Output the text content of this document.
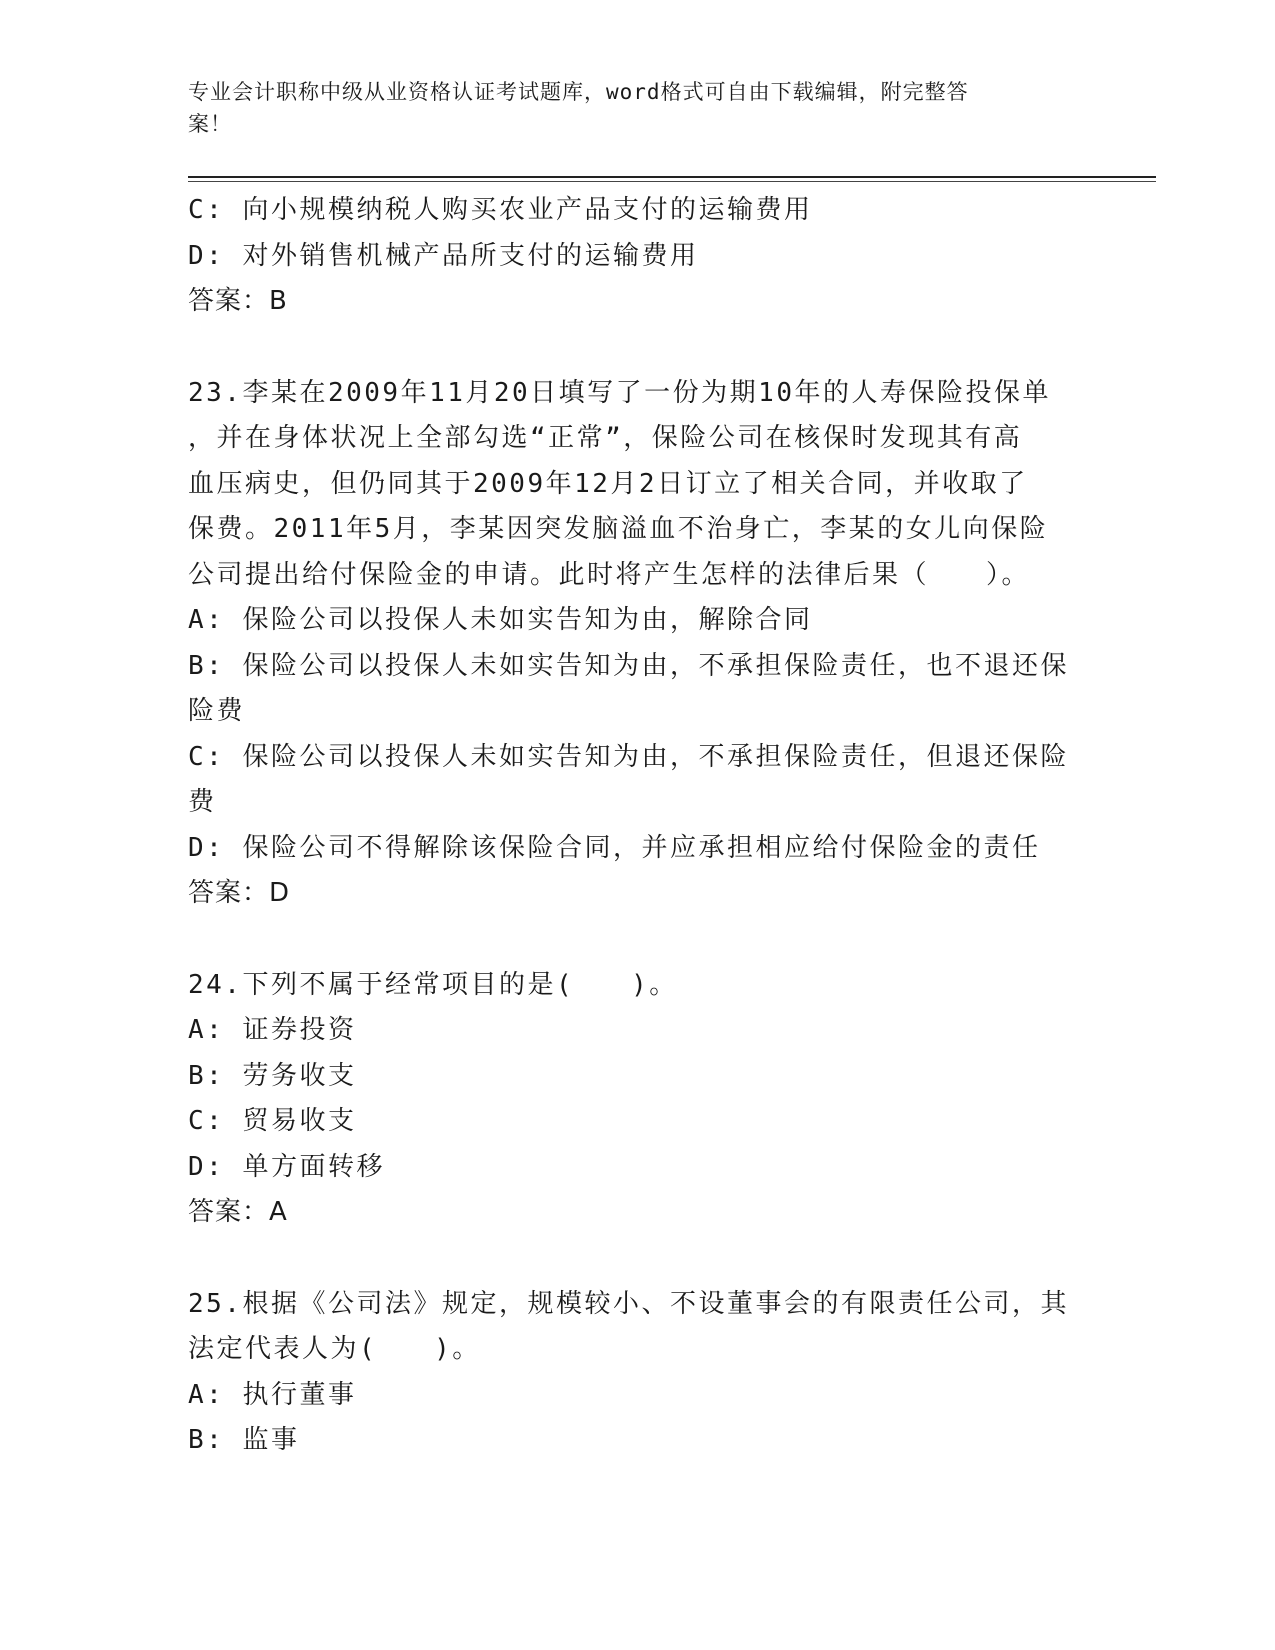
专业会计职称中级从业资格认证考试题库，word格式可自由下载编辑，附完整答
案！
C: 向小规模纳税人购买农业产品支付的运输费用
D: 对外销售机械产品所支付的运输费用
答案：B
23.李某在2009年11月20日填写了一份为期10年的人寿保险投保单
，并在身体状况上全部勾选“正常”，保险公司在核保时发现其有高
血压病史，但仍同其于2009年12月2日订立了相关合同，并收取了
保费。2011年5月，李某因突发脑溢血不治身亡，李某的女儿向保险
公司提出给付保险金的申请。此时将产生怎样的法律后果（　　）。
A: 保险公司以投保人未如实告知为由，解除合同
B: 保险公司以投保人未如实告知为由，不承担保险责任，也不退还保
险费
C: 保险公司以投保人未如实告知为由，不承担保险责任，但退还保险
费
D: 保险公司不得解除该保险合同，并应承担相应给付保险金的责任
答案：D
24.下列不属于经常项目的是(　　)。
A: 证券投资
B: 劳务收支
C: 贸易收支
D: 单方面转移
答案：A
25.根据《公司法》规定，规模较小、不设董事会的有限责任公司，其
法定代表人为(　　)。
A: 执行董事
B: 监事
